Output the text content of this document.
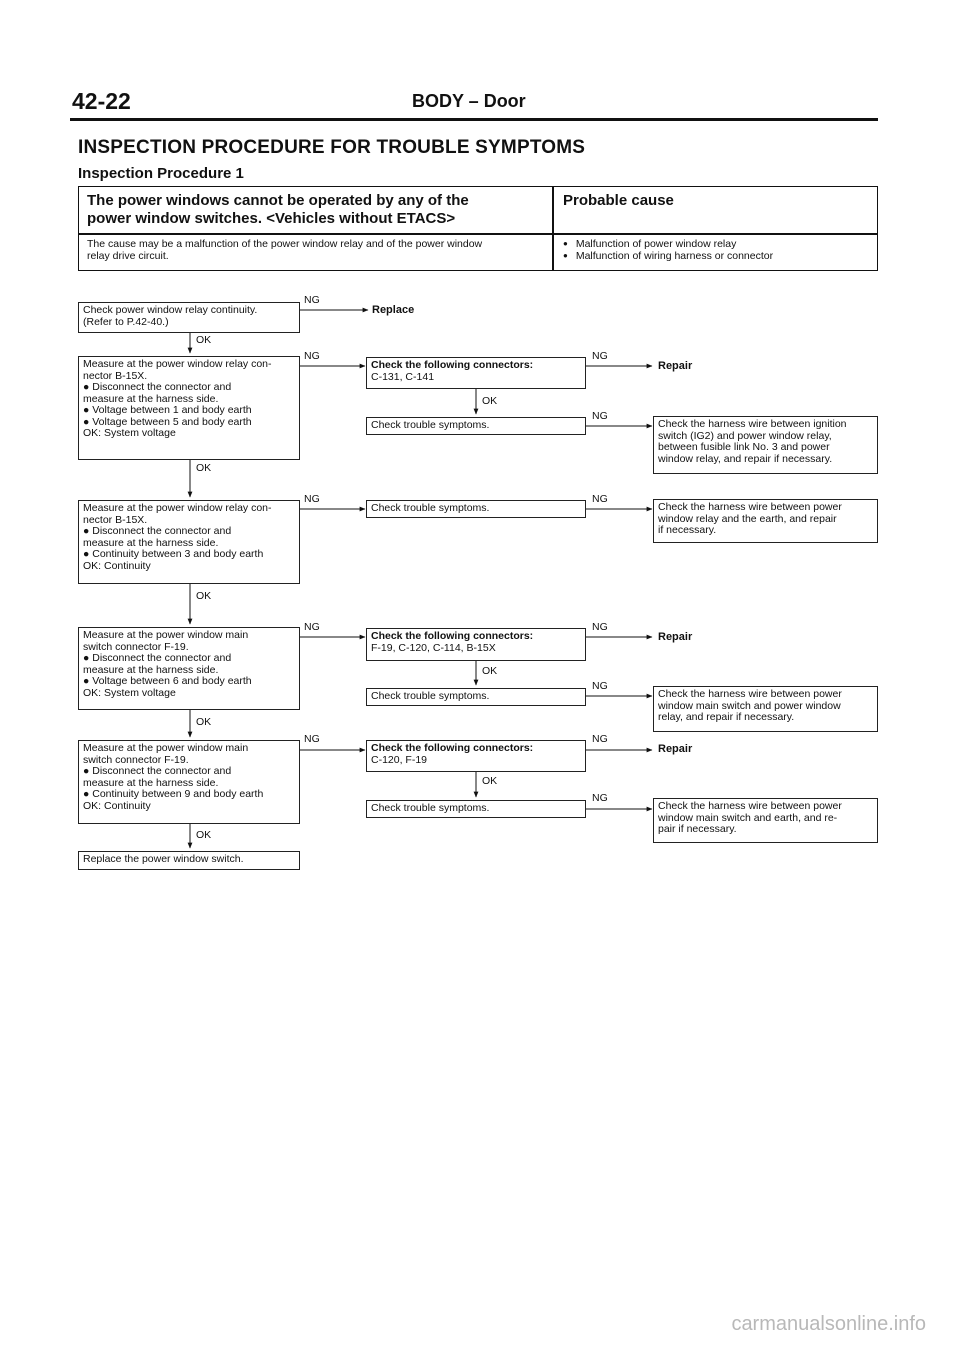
42-22	BODY – Door
INSPECTION PROCEDURE FOR TROUBLE SYMPTOMS
Inspection Procedure 1
The power windows cannot be operated by any of the
power window switches. <Vehicles without ETACS>
Probable cause
The cause may be a malfunction of the power window relay and of the power window
relay drive circuit.
● Malfunction of power window relay
● Malfunction of wiring harness or connector
NG
OK
NG	NG
OK
NG
OK
NG	NG
OK
NG	NG
OK
NG
OK
NG	NG
OK
NG
OK
Check power window relay continuity.
(Refer to P.42-40.)
Replace
Measure at the power window relay con-
nector B-15X.
● Disconnect the connector and
measure at the harness side.
● Voltage between 1 and body earth
● Voltage between 5 and body earth
OK: System voltage
Check the following connectors:
C-131, C-141
Repair
Check trouble symptoms.	Check the harness wire between ignition
switch (IG2) and power window relay,
between fusible link No. 3 and power
window relay, and repair if necessary.
Measure at the power window relay con-
nector B-15X.
● Disconnect the connector and
measure at the harness side.
● Continuity between 3 and body earth
OK: Continuity
Check trouble symptoms.	Check the harness wire between power
window relay and the earth, and repair
if necessary.
Measure at the power window main
switch connector F-19.
● Disconnect the connector and
measure at the harness side.
● Voltage between 6 and body earth
OK: System voltage
Check the following connectors:
F-19, C-120, C-114, B-15X
Repair
Check trouble symptoms.	Check the harness wire between power
window main switch and power window
relay, and repair if necessary.
Measure at the power window main
switch connector F-19.
● Disconnect the connector and
measure at the harness side.
● Continuity between 9 and body earth
OK: Continuity
Check the following connectors:
C-120, F-19
Repair
Check trouble symptoms.	Check the harness wire between power
window main switch and earth, and re-
pair if necessary.
Replace the power window switch.
carmanualsonline.info
